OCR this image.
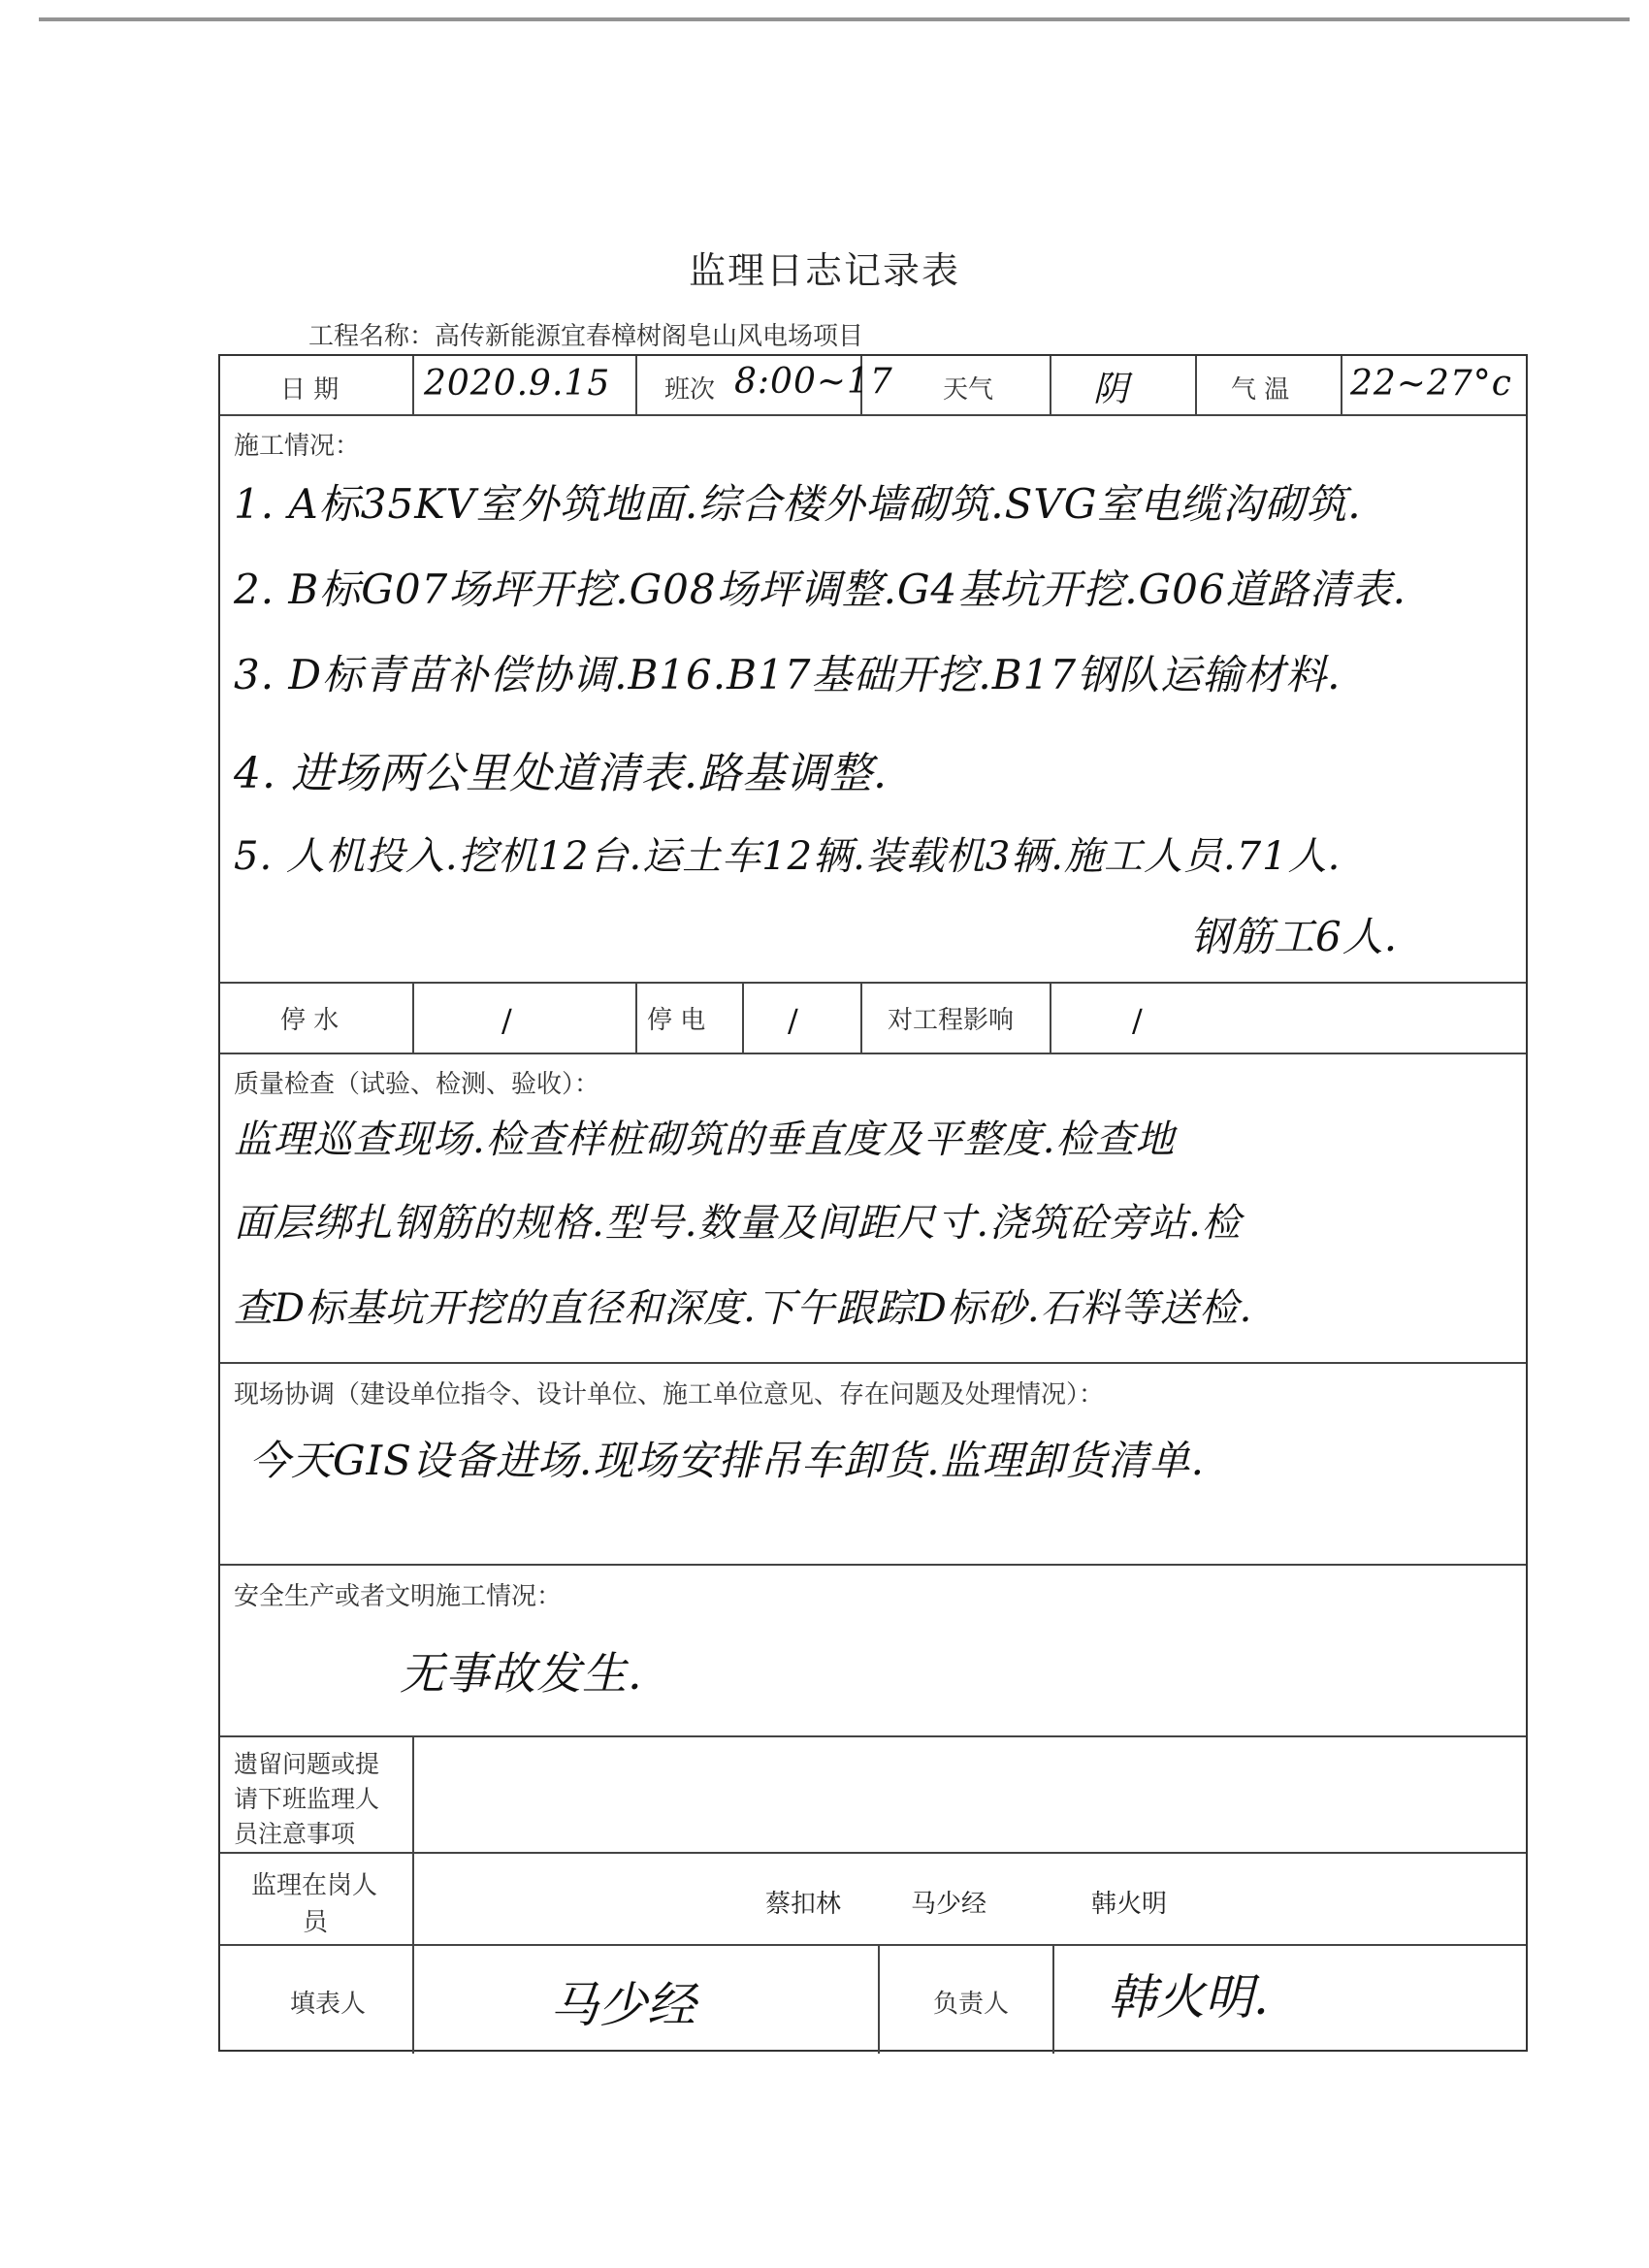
监理日志记录表
工程名称：高传新能源宜春樟树阁皂山风电场项目
日 期 2020.9.15 班次 8:00~17 天气	阴	气 温 22~27°c
施工情况：
1. A标35KV室外筑地面.综合楼外墙砌筑.SVG室电缆沟砌筑.
2. B标G07场坪开挖.G08场坪调整.G4基坑开挖.G06道路清表.
3. D标青苗补偿协调.B16.B17基础开挖.B17钢队运输材料.
4. 进场两公里处道清表.路基调整.
5. 人机投入.挖机12台.运土车12辆.装载机3辆.施工人员.71人.
钢筋工6人.
停 水	/	停 电	/	对工程影响	/
质量检查（试验、检测、验收）：
监理巡查现场.检查样桩砌筑的垂直度及平整度.检查地
面层绑扎钢筋的规格.型号.数量及间距尺寸.浇筑砼旁站.检
查D标基坑开挖的直径和深度.下午跟踪D标砂.石料等送检.
现场协调（建设单位指令、设计单位、施工单位意见、存在问题及处理情况）：
今天GIS设备进场.现场安排吊车卸货.监理卸货清单.
安全生产或者文明施工情况：
无事故发生.
遗留问题或提
请下班监理人
员注意事项
监理在岗人
员
蔡扣林	马少经	韩火明
填表人	马少经	负责人 韩火明.
